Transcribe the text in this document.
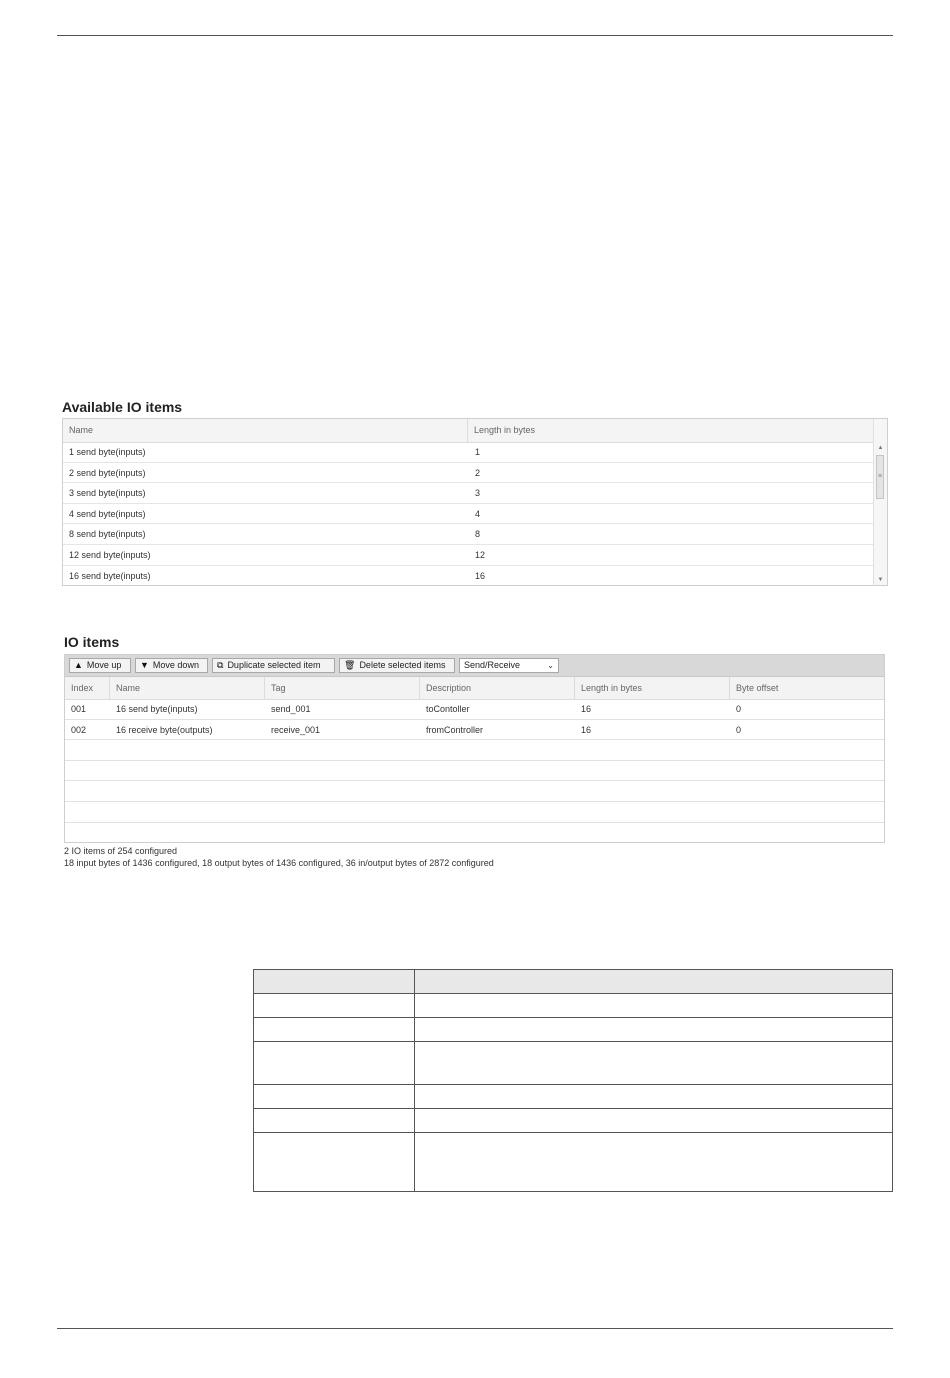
Available IO items
Name	Length in bytes
1 send byte(inputs)	1
2 send byte(inputs)	2
3 send byte(inputs)	3
4 send byte(inputs)	4
8 send byte(inputs)	8
12 send byte(inputs)	12
16 send byte(inputs)	16
▲
≡
▼
IO items
▲ Move up	▼ Move down	⧉ Duplicate selected item	🗑 Delete selected items	Send/Receive	⌄
Index	Name	Tag	Description	Length in bytes	Byte offset
001	16 send byte(inputs)	send_001	toContoller	16	0
002	16 receive byte(outputs)	receive_001	fromController	16	0

2 IO items of 254 configured

18 input bytes of 1436 configured, 18 output bytes of 1436 configured, 36 in/output bytes of 2872 configured
